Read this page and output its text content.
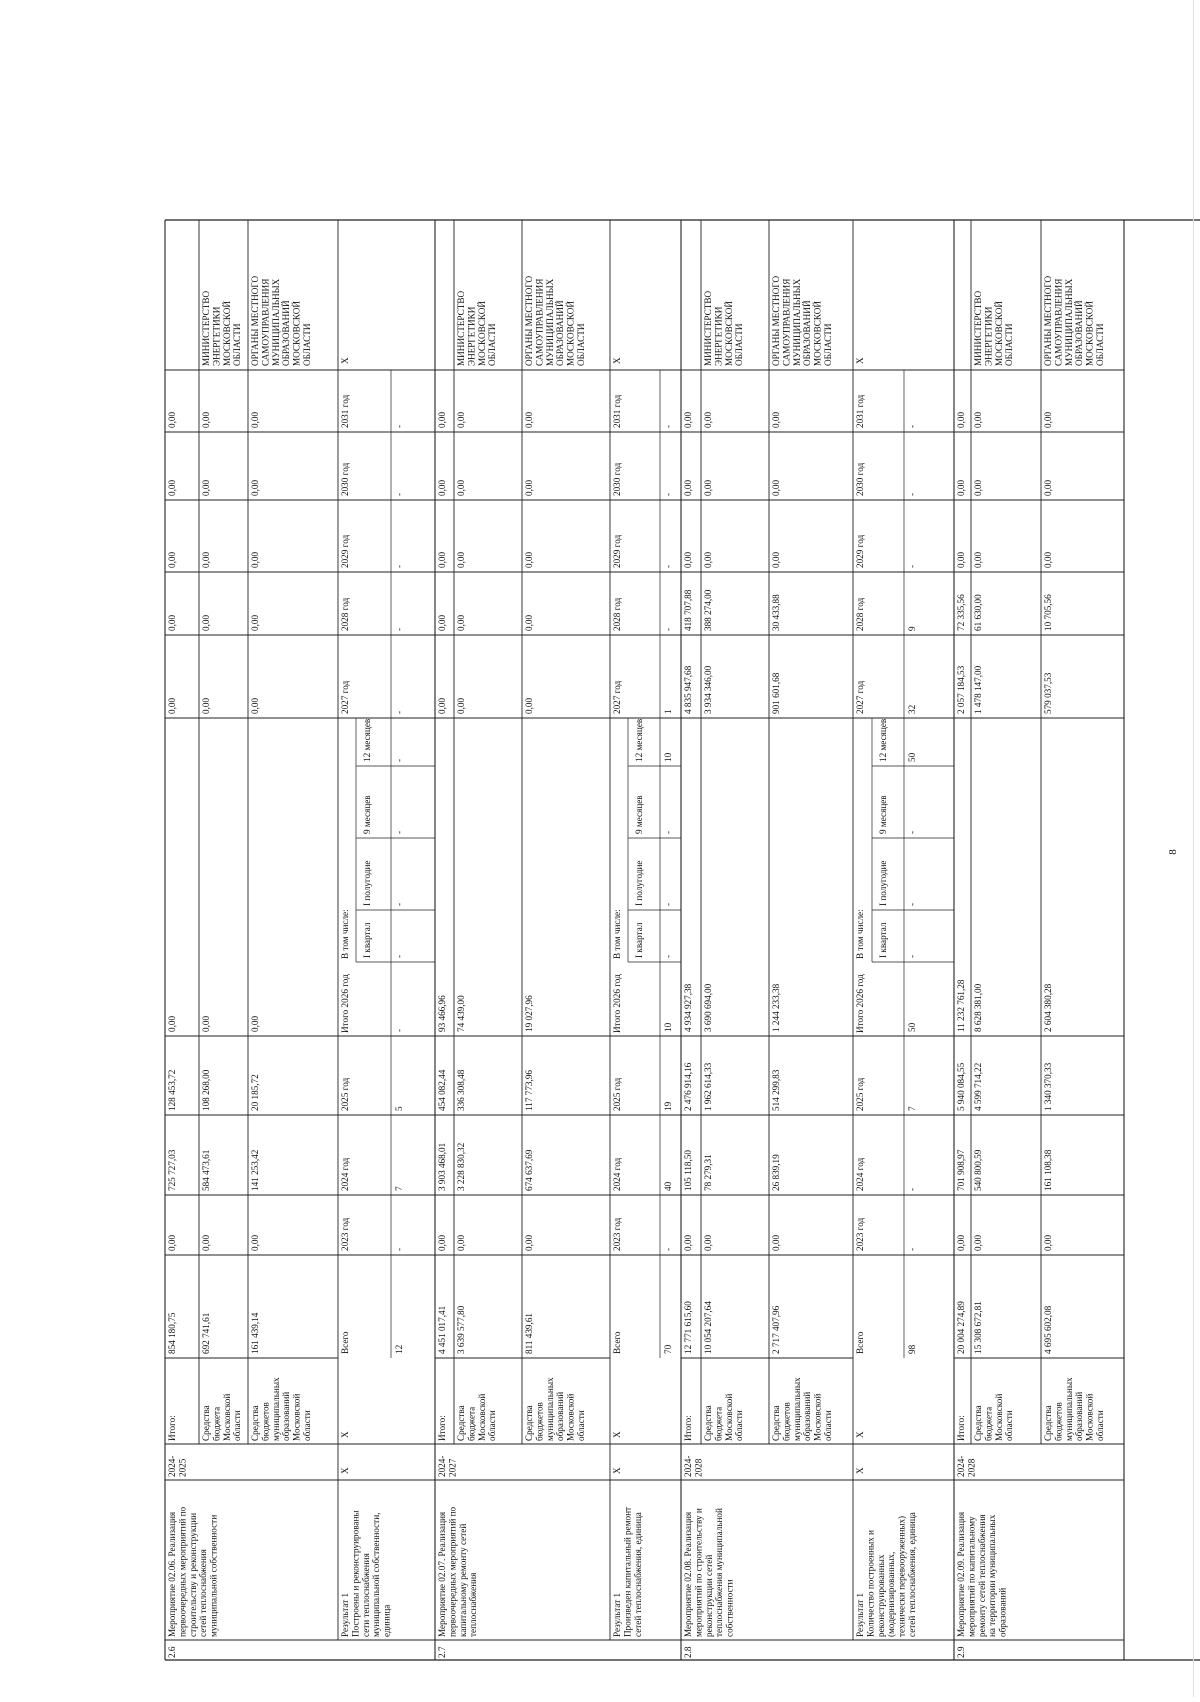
Итого:
854 180,75
0,00
725 727,03
128 453,72
0,00
0,00
0,00
0,00
0,00
0,00
Средства бюджета Московской области
692 741,61
0,00
584 473,61
108 268,00
0,00
0,00
0,00
0,00
0,00
0,00
МИНИСТЕРСТВО ЭНЕРГЕТИКИ МОСКОВСКОЙ ОБЛАСТИ
Средства бюджетов муниципальных образований Московской области
161 439,14
0,00
141 253,42
20 185,72
0,00
0,00
0,00
0,00
0,00
0,00
ОРГАНЫ МЕСТНОГО САМОУПРАВЛЕНИЯ МУНИЦИПАЛЬНЫХ ОБРАЗОВАНИЙ МОСКОВСКОЙ ОБЛАСТИ
2.6
Мероприятие 02.06. Реализация первоочередных мероприятий по строительству и реконструкции сетей теплоснабжения муниципальной собственности
2024- 2025
Всего
2023 год
2024 год
2025 год
Итого 2026 год
В том числе:
2027 год
2028 год
2029 год
2030 год
2031 год
I квартал
I полугодие
9 месяцев
12 месяцев
12
-
7
5
-
-
-
-
-
-
-
-
-
-
Результат 1 Построены и реконструированы сети теплоснабжения муниципальной собственности, единица
X
X
X
Итого:
4 451 017,41
0,00
3 903 468,01
454 082,44
93 466,96
0,00
0,00
0,00
0,00
0,00
Средства бюджета Московской области
3 639 577,80
0,00
3 228 830,32
336 308,48
74 439,00
0,00
0,00
0,00
0,00
0,00
МИНИСТЕРСТВО ЭНЕРГЕТИКИ МОСКОВСКОЙ ОБЛАСТИ
Средства бюджетов муниципальных образований Московской области
811 439,61
0,00
674 637,69
117 773,96
19 027,96
0,00
0,00
0,00
0,00
0,00
ОРГАНЫ МЕСТНОГО САМОУПРАВЛЕНИЯ МУНИЦИПАЛЬНЫХ ОБРАЗОВАНИЙ МОСКОВСКОЙ ОБЛАСТИ
2.7
Мероприятие 02.07. Реализация первоочередных мероприятий по капитальному ремонту сетей теплоснабжения
2024- 2027
Всего
2023 год
2024 год
2025 год
Итого 2026 год
В том числе:
2027 год
2028 год
2029 год
2030 год
2031 год
I квартал
I полугодие
9 месяцев
12 месяцев
70
-
40
19
10
-
-
-
10
1
-
-
-
-
Результат 1 Произведен капитальный ремонт сетей теплоснабжения, единица
X
X
X
Итого:
12 771 615,60
0,00
105 118,50
2 476 914,16
4 934 927,38
4 835 947,68
418 707,88
0,00
0,00
0,00
Средства бюджета Московской области
10 054 207,64
0,00
78 279,31
1 962 614,33
3 690 694,00
3 934 346,00
388 274,00
0,00
0,00
0,00
МИНИСТЕРСТВО ЭНЕРГЕТИКИ МОСКОВСКОЙ ОБЛАСТИ
Средства бюджетов муниципальных образований Московской области
2 717 407,96
0,00
26 839,19
514 299,83
1 244 233,38
901 601,68
30 433,88
0,00
0,00
0,00
ОРГАНЫ МЕСТНОГО САМОУПРАВЛЕНИЯ МУНИЦИПАЛЬНЫХ ОБРАЗОВАНИЙ МОСКОВСКОЙ ОБЛАСТИ
2.8
Мероприятие 02.08. Реализация мероприятий по строительству и реконструкции сетей теплоснабжения муниципальной собственности
2024- 2028
Всего
2023 год
2024 год
2025 год
Итого 2026 год
В том числе:
2027 год
2028 год
2029 год
2030 год
2031 год
I квартал
I полугодие
9 месяцев
12 месяцев
98
-
-
7
50
-
-
-
50
32
9
-
-
-
Результат 1 Количество построенных и реконструированных (модернизированных, технически перевооруженных) сетей теплоснабжения, единица
X
X
X
Итого:
20 004 274,89
0,00
701 908,97
5 940 084,55
11 232 761,28
2 057 184,53
72 335,56
0,00
0,00
0,00
Средства бюджета Московской области
15 308 672,81
0,00
540 800,59
4 599 714,22
8 628 381,00
1 478 147,00
61 630,00
0,00
0,00
0,00
МИНИСТЕРСТВО ЭНЕРГЕТИКИ МОСКОВСКОЙ ОБЛАСТИ
Средства бюджетов муниципальных образований Московской области
4 695 602,08
0,00
161 108,38
1 340 370,33
2 604 380,28
579 037,53
10 705,56
0,00
0,00
0,00
ОРГАНЫ МЕСТНОГО САМОУПРАВЛЕНИЯ МУНИЦИПАЛЬНЫХ ОБРАЗОВАНИЙ МОСКОВСКОЙ ОБЛАСТИ
2.9
Мероприятие 02.09. Реализация мероприятий по капитальному ремонту сетей теплоснабжения на территории муниципальных образований
2024- 2028
8
